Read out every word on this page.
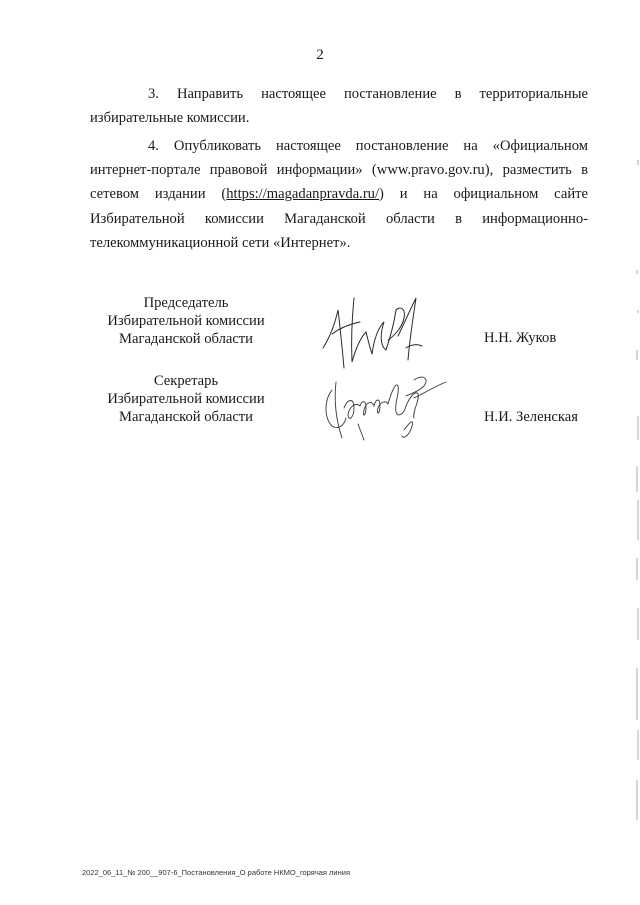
2
3. Направить настоящее постановление в территориальные
избирательные комиссии.
4. Опубликовать настоящее постановление на «Официальном
интернет-портале правовой информации» (www.pravo.gov.ru), разместить в
сетевом издании (https://magadanpravda.ru/) и на официальном сайте
Избирательной комиссии Магаданской области в информационно-
телекоммуникационной сети «Интернет».
Председатель
Избирательной комиссии
Магаданской области	Н.Н. Жуков
Секретарь
Избирательной комиссии
Магаданской области	Н.И. Зеленская
2022_06_11_№ 200__907-6_Постановления_О работе НКМО_горячая линия
